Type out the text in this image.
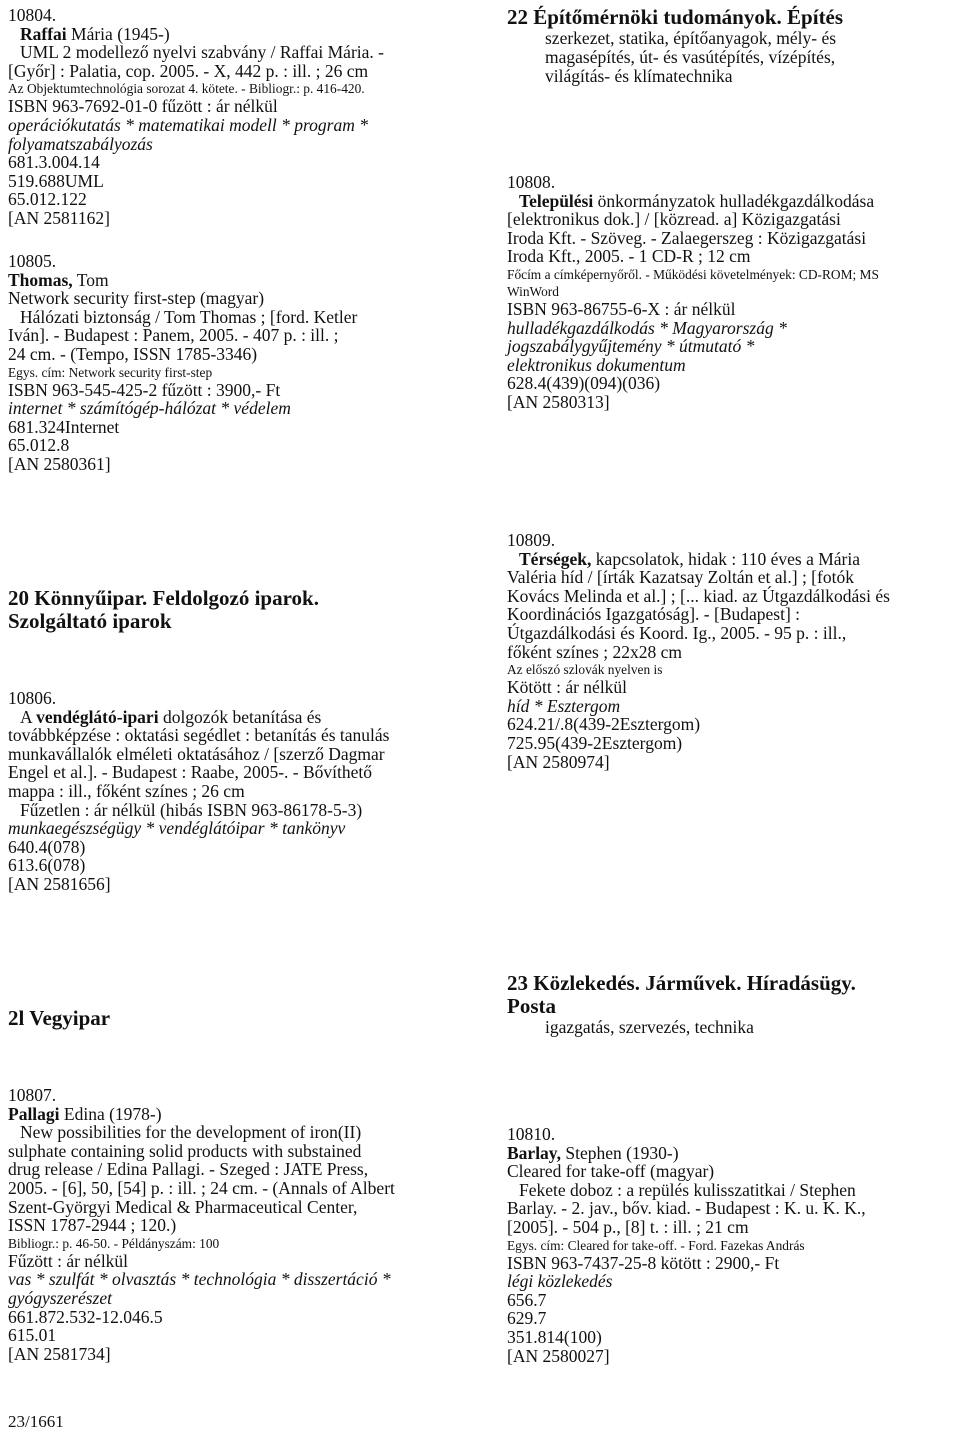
10804.
Raffai Mária (1945-)
UML 2 modellező nyelvi szabvány / Raffai Mária. -
[Győr] : Palatia, cop. 2005. - X, 442 p. : ill. ; 26 cm
Az Objektumtechnológia sorozat 4. kötete. - Bibliogr.: p. 416-420.
ISBN 963-7692-01-0 fűzött : ár nélkül
operációkutatás * matematikai modell * program *
folyamatszabályozás
681.3.004.14
519.688UML
65.012.122
[AN 2581162]
10805.
Thomas, Tom
Network security first-step (magyar)
Hálózati biztonság / Tom Thomas ; [ford. Ketler
Iván]. - Budapest : Panem, 2005. - 407 p. : ill. ;
24 cm. - (Tempo, ISSN 1785-3346)
Egys. cím: Network security first-step
ISBN 963-545-425-2 fűzött : 3900,- Ft
internet * számítógép-hálózat * védelem
681.324Internet
65.012.8
[AN 2580361]
20 Könnyűipar. Feldolgozó iparok.
Szolgáltató iparok
10806.
A vendéglátó-ipari dolgozók betanítása és
továbbképzése : oktatási segédlet : betanítás és tanulás
munkavállalók elméleti oktatásához / [szerző Dagmar
Engel et al.]. - Budapest : Raabe, 2005-. - Bővíthető
mappa : ill., főként színes ; 26 cm
Fűzetlen : ár nélkül (hibás ISBN 963-86178-5-3)
munkaegészségügy * vendéglátóipar * tankönyv
640.4(078)
613.6(078)
[AN 2581656]
2l Vegyipar
10807.
Pallagi Edina (1978-)
New possibilities for the development of iron(II)
sulphate containing solid products with substained
drug release / Edina Pallagi. - Szeged : JATE Press,
2005. - [6], 50, [54] p. : ill. ; 24 cm. - (Annals of Albert
Szent-Györgyi Medical & Pharmaceutical Center,
ISSN 1787-2944 ; 120.)
Bibliogr.: p. 46-50. - Példányszám: 100
Fűzött : ár nélkül
vas * szulfát * olvasztás * technológia * disszertáció *
gyógyszerészet
661.872.532-12.046.5
615.01
[AN 2581734]
23/1661
22 Építőmérnöki tudományok. Építés
szerkezet, statika, építőanyagok, mély- és
magasépítés, út- és vasútépítés, vízépítés,
világítás- és klímatechnika
10808.
Települési önkormányzatok hulladékgazdálkodása
[elektronikus dok.] / [közread. a] Közigazgatási
Iroda Kft. - Szöveg. - Zalaegerszeg : Közigazgatási
Iroda Kft., 2005. - 1 CD-R ; 12 cm
Főcím a címképernyőről. - Működési követelmények: CD-ROM; MS
WinWord
ISBN 963-86755-6-X : ár nélkül
hulladékgazdálkodás * Magyarország *
jogszabálygyűjtemény * útmutató *
elektronikus dokumentum
628.4(439)(094)(036)
[AN 2580313]
10809.
Térségek, kapcsolatok, hidak : 110 éves a Mária
Valéria híd / [írták Kazatsay Zoltán et al.] ; [fotók
Kovács Melinda et al.] ; [... kiad. az Útgazdálkodási és
Koordinációs Igazgatóság]. - [Budapest] :
Útgazdálkodási és Koord. Ig., 2005. - 95 p. : ill.,
főként színes ; 22x28 cm
Az előszó szlovák nyelven is
Kötött : ár nélkül
híd * Esztergom
624.21/.8(439-2Esztergom)
725.95(439-2Esztergom)
[AN 2580974]
23 Közlekedés. Járművek. Híradásügy.
Posta
igazgatás, szervezés, technika
10810.
Barlay, Stephen (1930-)
Cleared for take-off (magyar)
Fekete doboz : a repülés kulisszatitkai / Stephen
Barlay. - 2. jav., bőv. kiad. - Budapest : K. u. K. K.,
[2005]. - 504 p., [8] t. : ill. ; 21 cm
Egys. cím: Cleared for take-off. - Ford. Fazekas András
ISBN 963-7437-25-8 kötött : 2900,- Ft
légi közlekedés
656.7
629.7
351.814(100)
[AN 2580027]
